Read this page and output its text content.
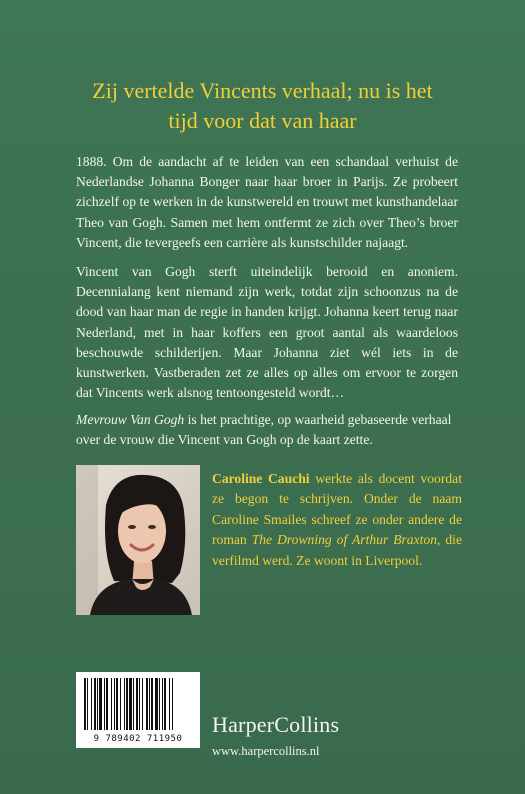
Zij vertelde Vincents verhaal; nu is het
tijd voor dat van haar

1888. Om de aandacht af te leiden van een schandaal verhuist de Nederlandse Johanna Bonger naar haar broer in Parijs. Ze probeert zichzelf op te werken in de kunstwereld en trouwt met kunsthandelaar Theo van Gogh. Samen met hem ontfermt ze zich over Theo’s broer Vincent, die tevergeefs een carrière als kunstschilder najaagt.

Vincent van Gogh sterft uiteindelijk berooid en anoniem. Decennialang kent niemand zijn werk, totdat zijn schoonzus na de dood van haar man de regie in handen krijgt. Johanna keert terug naar Nederland, met in haar koffers een groot aantal als waardeloos beschouwde schilderijen. Maar Johanna ziet wél iets in de kunstwerken. Vastberaden zet ze alles op alles om ervoor te zorgen dat Vincents werk alsnog tentoongesteld wordt…

Mevrouw Van Gogh is het prachtige, op waarheid gebaseerde verhaal over de vrouw die Vincent van Gogh op de kaart zette.

Caroline Cauchi werkte als docent voordat ze begon te schrijven. Onder de naam Caroline Smailes schreef ze onder andere de roman The Drowning of Arthur Braxton, die verfilmd werd. Ze woont in Liverpool.
9 789402 711950
HarperCollins
www.harpercollins.nl
